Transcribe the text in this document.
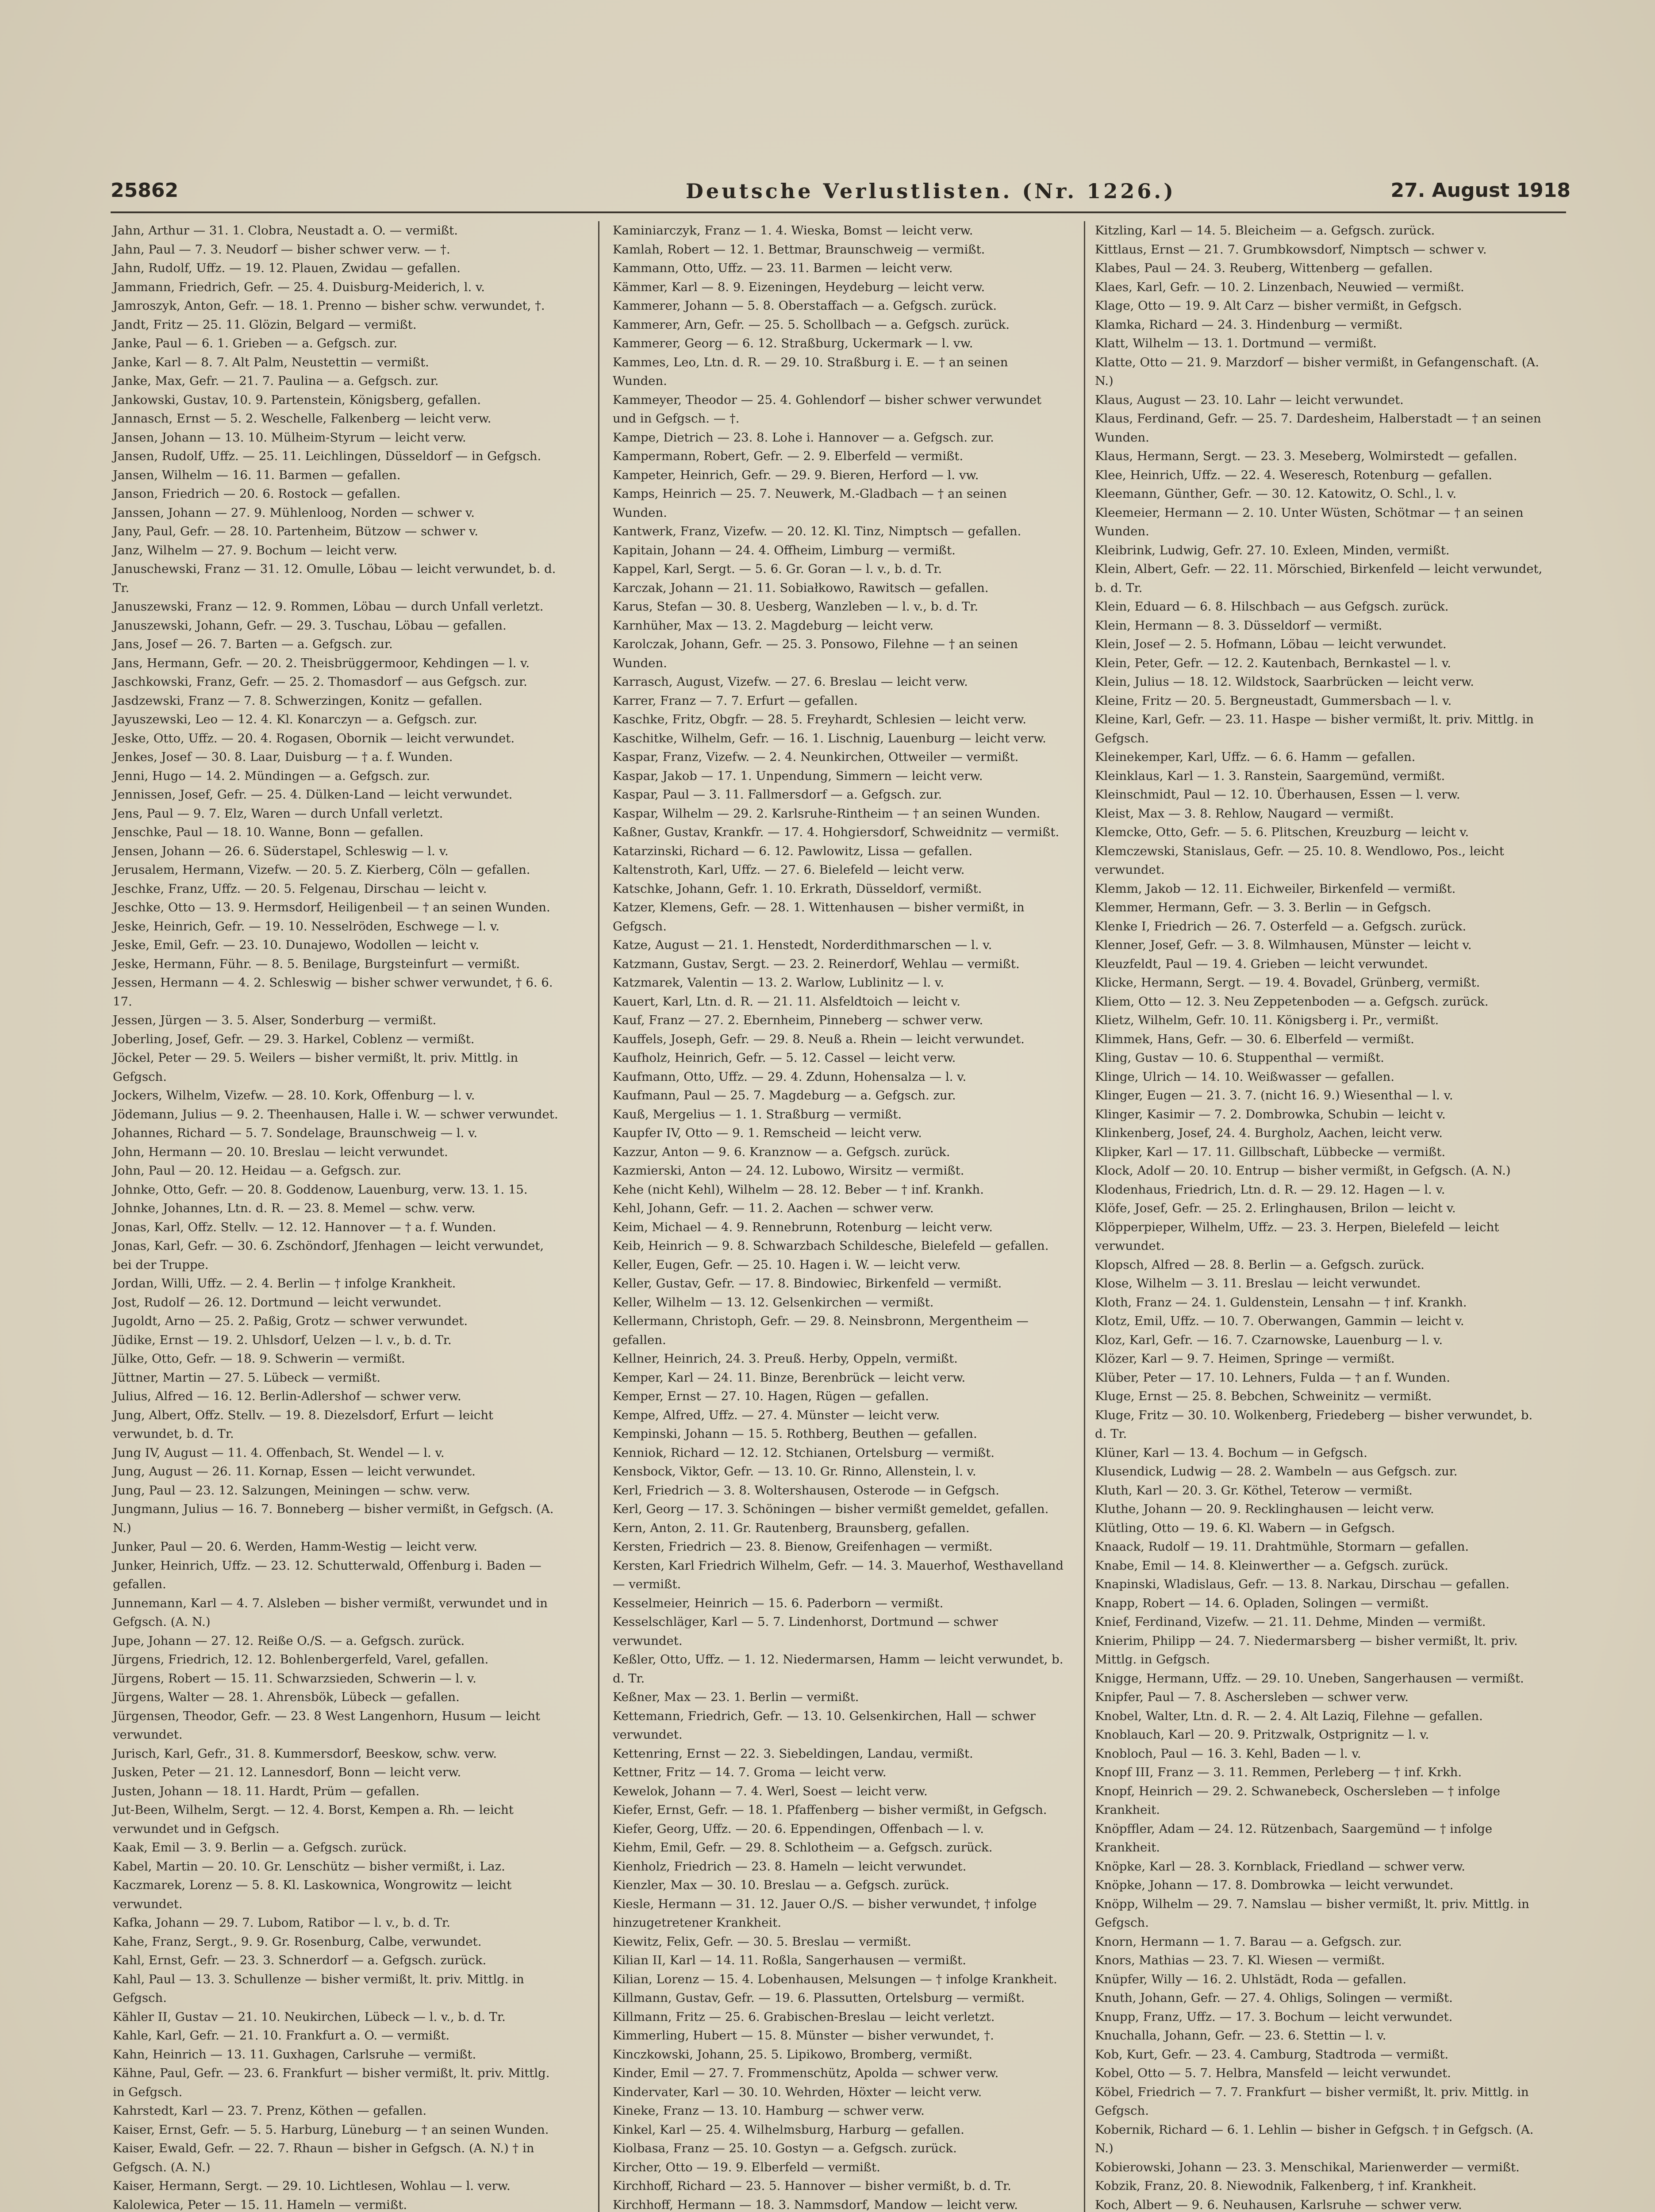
25862	Deutsche Verlustlisten. (Nr. 1226.)	27. August 1918

Jahn, Arthur — 31. 1. Clobra, Neustadt a. O. — vermißt.

Jahn, Paul — 7. 3. Neudorf — bisher schwer verw. — †.

Jahn, Rudolf, Uffz. — 19. 12. Plauen, Zwidau — gefallen.

Jammann, Friedrich, Gefr. — 25. 4. Duisburg-Meiderich, l. v.

Jamroszyk, Anton, Gefr. — 18. 1. Prenno — bisher schw. verwundet, †.

Jandt, Fritz — 25. 11. Glözin, Belgard — vermißt.

Janke, Paul — 6. 1. Grieben — a. Gefgsch. zur.

Janke, Karl — 8. 7. Alt Palm, Neustettin — vermißt.

Janke, Max, Gefr. — 21. 7. Paulina — a. Gefgsch. zur.

Jankowski, Gustav, 10. 9. Partenstein, Königsberg, gefallen.

Jannasch, Ernst — 5. 2. Weschelle, Falkenberg — leicht verw.

Jansen, Johann — 13. 10. Mülheim-Styrum — leicht verw.

Jansen, Rudolf, Uffz. — 25. 11. Leichlingen, Düsseldorf — in Gefgsch.

Jansen, Wilhelm — 16. 11. Barmen — gefallen.

Janson, Friedrich — 20. 6. Rostock — gefallen.

Janssen, Johann — 27. 9. Mühlenloog, Norden — schwer v.

Jany, Paul, Gefr. — 28. 10. Partenheim, Bützow — schwer v.

Janz, Wilhelm — 27. 9. Bochum — leicht verw.

Januschewski, Franz — 31. 12. Omulle, Löbau — leicht verwundet, b. d. Tr.

Januszewski, Franz — 12. 9. Rommen, Löbau — durch Unfall verletzt.

Januszewski, Johann, Gefr. — 29. 3. Tuschau, Löbau — gefallen.

Jans, Josef — 26. 7. Barten — a. Gefgsch. zur.

Jans, Hermann, Gefr. — 20. 2. Theisbrüggermoor, Kehdingen — l. v.

Jaschkowski, Franz, Gefr. — 25. 2. Thomasdorf — aus Gefgsch. zur.

Jasdzewski, Franz — 7. 8. Schwerzingen, Konitz — gefallen.

Jayuszewski, Leo — 12. 4. Kl. Konarczyn — a. Gefgsch. zur.

Jeske, Otto, Uffz. — 20. 4. Rogasen, Obornik — leicht verwundet.

Jenkes, Josef — 30. 8. Laar, Duisburg — † a. f. Wunden.

Jenni, Hugo — 14. 2. Mündingen — a. Gefgsch. zur.

Jennissen, Josef, Gefr. — 25. 4. Dülken-Land — leicht verwundet.

Jens, Paul — 9. 7. Elz, Waren — durch Unfall verletzt.

Jenschke, Paul — 18. 10. Wanne, Bonn — gefallen.

Jensen, Johann — 26. 6. Süderstapel, Schleswig — l. v.

Jerusalem, Hermann, Vizefw. — 20. 5. Z. Kierberg, Cöln — gefallen.

Jeschke, Franz, Uffz. — 20. 5. Felgenau, Dirschau — leicht v.

Jeschke, Otto — 13. 9. Hermsdorf, Heiligenbeil — † an seinen Wunden.

Jeske, Heinrich, Gefr. — 19. 10. Nesselröden, Eschwege — l. v.

Jeske, Emil, Gefr. — 23. 10. Dunajewo, Wodollen — leicht v.

Jeske, Hermann, Führ. — 8. 5. Benilage, Burgsteinfurt — vermißt.

Jessen, Hermann — 4. 2. Schleswig — bisher schwer verwundet, † 6. 6. 17.

Jessen, Jürgen — 3. 5. Alser, Sonderburg — vermißt.

Joberling, Josef, Gefr. — 29. 3. Harkel, Coblenz — vermißt.

Jöckel, Peter — 29. 5. Weilers — bisher vermißt, lt. priv. Mittlg. in Gefgsch.

Jockers, Wilhelm, Vizefw. — 28. 10. Kork, Offenburg — l. v.

Jödemann, Julius — 9. 2. Theenhausen, Halle i. W. — schwer verwundet.

Johannes, Richard — 5. 7. Sondelage, Braunschweig — l. v.

John, Hermann — 20. 10. Breslau — leicht verwundet.

John, Paul — 20. 12. Heidau — a. Gefgsch. zur.

Johnke, Otto, Gefr. — 20. 8. Goddenow, Lauenburg, verw. 13. 1. 15.

Johnke, Johannes, Ltn. d. R. — 23. 8. Memel — schw. verw.

Jonas, Karl, Offz. Stellv. — 12. 12. Hannover — † a. f. Wunden.

Jonas, Karl, Gefr. — 30. 6. Zschöndorf, Jfenhagen — leicht verwundet, bei der Truppe.

Jordan, Willi, Uffz. — 2. 4. Berlin — † infolge Krankheit.

Jost, Rudolf — 26. 12. Dortmund — leicht verwundet.

Jugoldt, Arno — 25. 2. Paßig, Grotz — schwer verwundet.

Jüdike, Ernst — 19. 2. Uhlsdorf, Uelzen — l. v., b. d. Tr.

Jülke, Otto, Gefr. — 18. 9. Schwerin — vermißt.

Jüttner, Martin — 27. 5. Lübeck — vermißt.

Julius, Alfred — 16. 12. Berlin-Adlershof — schwer verw.

Jung, Albert, Offz. Stellv. — 19. 8. Diezelsdorf, Erfurt — leicht verwundet, b. d. Tr.

Jung IV, August — 11. 4. Offenbach, St. Wendel — l. v.

Jung, August — 26. 11. Kornap, Essen — leicht verwundet.

Jung, Paul — 23. 12. Salzungen, Meiningen — schw. verw.

Jungmann, Julius — 16. 7. Bonneberg — bisher vermißt, in Gefgsch. (A. N.)

Junker, Paul — 20. 6. Werden, Hamm-Westig — leicht verw.

Junker, Heinrich, Uffz. — 23. 12. Schutterwald, Offenburg i. Baden — gefallen.

Junnemann, Karl — 4. 7. Alsleben — bisher vermißt, verwundet und in Gefgsch. (A. N.)

Jupe, Johann — 27. 12. Reiße O./S. — a. Gefgsch. zurück.

Jürgens, Friedrich, 12. 12. Bohlenbergerfeld, Varel, gefallen.

Jürgens, Robert — 15. 11. Schwarzsieden, Schwerin — l. v.

Jürgens, Walter — 28. 1. Ahrensbök, Lübeck — gefallen.

Jürgensen, Theodor, Gefr. — 23. 8 West Langenhorn, Husum — leicht verwundet.

Jurisch, Karl, Gefr., 31. 8. Kummersdorf, Beeskow, schw. verw.

Jusken, Peter — 21. 12. Lannesdorf, Bonn — leicht verw.

Justen, Johann — 18. 11. Hardt, Prüm — gefallen.

Jut-Been, Wilhelm, Sergt. — 12. 4. Borst, Kempen a. Rh. — leicht verwundet und in Gefgsch.

Kaak, Emil — 3. 9. Berlin — a. Gefgsch. zurück.

Kabel, Martin — 20. 10. Gr. Lenschütz — bisher vermißt, i. Laz.

Kaczmarek, Lorenz — 5. 8. Kl. Laskownica, Wongrowitz — leicht verwundet.

Kafka, Johann — 29. 7. Lubom, Ratibor — l. v., b. d. Tr.

Kahe, Franz, Sergt., 9. 9. Gr. Rosenburg, Calbe, verwundet.

Kahl, Ernst, Gefr. — 23. 3. Schnerdorf — a. Gefgsch. zurück.

Kahl, Paul — 13. 3. Schullenze — bisher vermißt, lt. priv. Mittlg. in Gefgsch.

Kähler II, Gustav — 21. 10. Neukirchen, Lübeck — l. v., b. d. Tr.

Kahle, Karl, Gefr. — 21. 10. Frankfurt a. O. — vermißt.

Kahn, Heinrich — 13. 11. Guxhagen, Carlsruhe — vermißt.

Kähne, Paul, Gefr. — 23. 6. Frankfurt — bisher vermißt, lt. priv. Mittlg. in Gefgsch.

Kahrstedt, Karl — 23. 7. Prenz, Köthen — gefallen.

Kaiser, Ernst, Gefr. — 5. 5. Harburg, Lüneburg — † an seinen Wunden.

Kaiser, Ewald, Gefr. — 22. 7. Rhaun — bisher in Gefgsch. (A. N.) † in Gefgsch. (A. N.)

Kaiser, Hermann, Sergt. — 29. 10. Lichtlesen, Wohlau — l. verw.

Kalolewica, Peter — 15. 11. Hameln — vermißt.

Kaminiarczyk, Franz — 1. 4. Wieska, Bomst — leicht verw.

Kamlah, Robert — 12. 1. Bettmar, Braunschweig — vermißt.

Kammann, Otto, Uffz. — 23. 11. Barmen — leicht verw.

Kämmer, Karl — 8. 9. Eizeningen, Heydeburg — leicht verw.

Kammerer, Johann — 5. 8. Oberstaffach — a. Gefgsch. zurück.

Kammerer, Arn, Gefr. — 25. 5. Schollbach — a. Gefgsch. zurück.

Kammerer, Georg — 6. 12. Straßburg, Uckermark — l. vw.

Kammes, Leo, Ltn. d. R. — 29. 10. Straßburg i. E. — † an seinen Wunden.

Kammeyer, Theodor — 25. 4. Gohlendorf — bisher schwer verwundet und in Gefgsch. — †.

Kampe, Dietrich — 23. 8. Lohe i. Hannover — a. Gefgsch. zur.

Kampermann, Robert, Gefr. — 2. 9. Elberfeld — vermißt.

Kampeter, Heinrich, Gefr. — 29. 9. Bieren, Herford — l. vw.

Kamps, Heinrich — 25. 7. Neuwerk, M.-Gladbach — † an seinen Wunden.

Kantwerk, Franz, Vizefw. — 20. 12. Kl. Tinz, Nimptsch — gefallen.

Kapitain, Johann — 24. 4. Offheim, Limburg — vermißt.

Kappel, Karl, Sergt. — 5. 6. Gr. Goran — l. v., b. d. Tr.

Karczak, Johann — 21. 11. Sobiałkowo, Rawitsch — gefallen.

Karus, Stefan — 30. 8. Uesberg, Wanzleben — l. v., b. d. Tr.

Karnhüher, Max — 13. 2. Magdeburg — leicht verw.

Karolczak, Johann, Gefr. — 25. 3. Ponsowo, Filehne — † an seinen Wunden.

Karrasch, August, Vizefw. — 27. 6. Breslau — leicht verw.

Karrer, Franz — 7. 7. Erfurt — gefallen.

Kaschke, Fritz, Obgfr. — 28. 5. Freyhardt, Schlesien — leicht verw.

Kaschitke, Wilhelm, Gefr. — 16. 1. Lischnig, Lauenburg — leicht verw.

Kaspar, Franz, Vizefw. — 2. 4. Neunkirchen, Ottweiler — vermißt.

Kaspar, Jakob — 17. 1. Unpendung, Simmern — leicht verw.

Kaspar, Paul — 3. 11. Fallmersdorf — a. Gefgsch. zur.

Kaspar, Wilhelm — 29. 2. Karlsruhe-Rintheim — † an seinen Wunden.

Kaßner, Gustav, Krankfr. — 17. 4. Hohgiersdorf, Schweidnitz — vermißt.

Katarzinski, Richard — 6. 12. Pawlowitz, Lissa — gefallen.

Kaltenstroth, Karl, Uffz. — 27. 6. Bielefeld — leicht verw.

Katschke, Johann, Gefr. 1. 10. Erkrath, Düsseldorf, vermißt.

Katzer, Klemens, Gefr. — 28. 1. Wittenhausen — bisher vermißt, in Gefgsch.

Katze, August — 21. 1. Henstedt, Norderdithmarschen — l. v.

Katzmann, Gustav, Sergt. — 23. 2. Reinerdorf, Wehlau — vermißt.

Katzmarek, Valentin — 13. 2. Warlow, Lublinitz — l. v.

Kauert, Karl, Ltn. d. R. — 21. 11. Alsfeldtoich — leicht v.

Kauf, Franz — 27. 2. Ebernheim, Pinneberg — schwer verw.

Kauffels, Joseph, Gefr. — 29. 8. Neuß a. Rhein — leicht verwundet.

Kaufholz, Heinrich, Gefr. — 5. 12. Cassel — leicht verw.

Kaufmann, Otto, Uffz. — 29. 4. Zdunn, Hohensalza — l. v.

Kaufmann, Paul — 25. 7. Magdeburg — a. Gefgsch. zur.

Kauß, Mergelius — 1. 1. Straßburg — vermißt.

Kaupfer IV, Otto — 9. 1. Remscheid — leicht verw.

Kazzur, Anton — 9. 6. Kranznow — a. Gefgsch. zurück.

Kazmierski, Anton — 24. 12. Lubowo, Wirsitz — vermißt.

Kehe (nicht Kehl), Wilhelm — 28. 12. Beber — † inf. Krankh.

Kehl, Johann, Gefr. — 11. 2. Aachen — schwer verw.

Keim, Michael — 4. 9. Rennebrunn, Rotenburg — leicht verw.

Keib, Heinrich — 9. 8. Schwarzbach Schildesche, Bielefeld — gefallen.

Keller, Eugen, Gefr. — 25. 10. Hagen i. W. — leicht verw.

Keller, Gustav, Gefr. — 17. 8. Bindowiec, Birkenfeld — vermißt.

Keller, Wilhelm — 13. 12. Gelsenkirchen — vermißt.

Kellermann, Christoph, Gefr. — 29. 8. Neinsbronn, Mergentheim — gefallen.

Kellner, Heinrich, 24. 3. Preuß. Herby, Oppeln, vermißt.

Kemper, Karl — 24. 11. Binze, Berenbrück — leicht verw.

Kemper, Ernst — 27. 10. Hagen, Rügen — gefallen.

Kempe, Alfred, Uffz. — 27. 4. Münster — leicht verw.

Kempinski, Johann — 15. 5. Rothberg, Beuthen — gefallen.

Kenniok, Richard — 12. 12. Stchianen, Ortelsburg — vermißt.

Kensbock, Viktor, Gefr. — 13. 10. Gr. Rinno, Allenstein, l. v.

Kerl, Friedrich — 3. 8. Woltershausen, Osterode — in Gefgsch.

Kerl, Georg — 17. 3. Schöningen — bisher vermißt gemeldet, gefallen.

Kern, Anton, 2. 11. Gr. Rautenberg, Braunsberg, gefallen.

Kersten, Friedrich — 23. 8. Bienow, Greifenhagen — vermißt.

Kersten, Karl Friedrich Wilhelm, Gefr. — 14. 3. Mauerhof, Westhavelland — vermißt.

Kesselmeier, Heinrich — 15. 6. Paderborn — vermißt.

Kesselschläger, Karl — 5. 7. Lindenhorst, Dortmund — schwer verwundet.

Keßler, Otto, Uffz. — 1. 12. Niedermarsen, Hamm — leicht verwundet, b. d. Tr.

Keßner, Max — 23. 1. Berlin — vermißt.

Kettemann, Friedrich, Gefr. — 13. 10. Gelsenkirchen, Hall — schwer verwundet.

Kettenring, Ernst — 22. 3. Siebeldingen, Landau, vermißt.

Kettner, Fritz — 14. 7. Groma — leicht verw.

Kewelok, Johann — 7. 4. Werl, Soest — leicht verw.

Kiefer, Ernst, Gefr. — 18. 1. Pfaffenberg — bisher vermißt, in Gefgsch.

Kiefer, Georg, Uffz. — 20. 6. Eppendingen, Offenbach — l. v.

Kiehm, Emil, Gefr. — 29. 8. Schlotheim — a. Gefgsch. zurück.

Kienholz, Friedrich — 23. 8. Hameln — leicht verwundet.

Kienzler, Max — 30. 10. Breslau — a. Gefgsch. zurück.

Kiesle, Hermann — 31. 12. Jauer O./S. — bisher verwundet, † infolge hinzugetretener Krankheit.

Kiewitz, Felix, Gefr. — 30. 5. Breslau — vermißt.

Kilian II, Karl — 14. 11. Roßla, Sangerhausen — vermißt.

Kilian, Lorenz — 15. 4. Lobenhausen, Melsungen — † infolge Krankheit.

Killmann, Gustav, Gefr. — 19. 6. Plassutten, Ortelsburg — vermißt.

Killmann, Fritz — 25. 6. Grabischen-Breslau — leicht verletzt.

Kimmerling, Hubert — 15. 8. Münster — bisher verwundet, †.

Kinczkowski, Johann, 25. 5. Lipikowo, Bromberg, vermißt.

Kinder, Emil — 27. 7. Frommenschütz, Apolda — schwer verw.

Kindervater, Karl — 30. 10. Wehrden, Höxter — leicht verw.

Kineke, Franz — 13. 10. Hamburg — schwer verw.

Kinkel, Karl — 25. 4. Wilhelmsburg, Harburg — gefallen.

Kiolbasa, Franz — 25. 10. Gostyn — a. Gefgsch. zurück.

Kircher, Otto — 19. 9. Elberfeld — vermißt.

Kirchhoff, Richard — 23. 5. Hannover — bisher vermißt, b. d. Tr.

Kirchhoff, Hermann — 18. 3. Nammsdorf, Mandow — leicht verw.

Kitzling, Karl — 14. 5. Bleicheim — a. Gefgsch. zurück.

Kittlaus, Ernst — 21. 7. Grumbkowsdorf, Nimptsch — schwer v.

Klabes, Paul — 24. 3. Reuberg, Wittenberg — gefallen.

Klaes, Karl, Gefr. — 10. 2. Linzenbach, Neuwied — vermißt.

Klage, Otto — 19. 9. Alt Carz — bisher vermißt, in Gefgsch.

Klamka, Richard — 24. 3. Hindenburg — vermißt.

Klatt, Wilhelm — 13. 1. Dortmund — vermißt.

Klatte, Otto — 21. 9. Marzdorf — bisher vermißt, in Gefangenschaft. (A. N.)

Klaus, August — 23. 10. Lahr — leicht verwundet.

Klaus, Ferdinand, Gefr. — 25. 7. Dardesheim, Halberstadt — † an seinen Wunden.

Klaus, Hermann, Sergt. — 23. 3. Meseberg, Wolmirstedt — gefallen.

Klee, Heinrich, Uffz. — 22. 4. Weseresch, Rotenburg — gefallen.

Kleemann, Günther, Gefr. — 30. 12. Katowitz, O. Schl., l. v.

Kleemeier, Hermann — 2. 10. Unter Wüsten, Schötmar — † an seinen Wunden.

Kleibrink, Ludwig, Gefr. 27. 10. Exleen, Minden, vermißt.

Klein, Albert, Gefr. — 22. 11. Mörschied, Birkenfeld — leicht verwundet, b. d. Tr.

Klein, Eduard — 6. 8. Hilschbach — aus Gefgsch. zurück.

Klein, Hermann — 8. 3. Düsseldorf — vermißt.

Klein, Josef — 2. 5. Hofmann, Löbau — leicht verwundet.

Klein, Peter, Gefr. — 12. 2. Kautenbach, Bernkastel — l. v.

Klein, Julius — 18. 12. Wildstock, Saarbrücken — leicht verw.

Kleine, Fritz — 20. 5. Bergneustadt, Gummersbach — l. v.

Kleine, Karl, Gefr. — 23. 11. Haspe — bisher vermißt, lt. priv. Mittlg. in Gefgsch.

Kleinekemper, Karl, Uffz. — 6. 6. Hamm — gefallen.

Kleinklaus, Karl — 1. 3. Ranstein, Saargemünd, vermißt.

Kleinschmidt, Paul — 12. 10. Überhausen, Essen — l. verw.

Kleist, Max — 3. 8. Rehlow, Naugard — vermißt.

Klemcke, Otto, Gefr. — 5. 6. Plitschen, Kreuzburg — leicht v.

Klemczewski, Stanislaus, Gefr. — 25. 10. 8. Wendlowo, Pos., leicht verwundet.

Klemm, Jakob — 12. 11. Eichweiler, Birkenfeld — vermißt.

Klemmer, Hermann, Gefr. — 3. 3. Berlin — in Gefgsch.

Klenke I, Friedrich — 26. 7. Osterfeld — a. Gefgsch. zurück.

Klenner, Josef, Gefr. — 3. 8. Wilmhausen, Münster — leicht v.

Kleuzfeldt, Paul — 19. 4. Grieben — leicht verwundet.

Klicke, Hermann, Sergt. — 19. 4. Bovadel, Grünberg, vermißt.

Kliem, Otto — 12. 3. Neu Zeppetenboden — a. Gefgsch. zurück.

Klietz, Wilhelm, Gefr. 10. 11. Königsberg i. Pr., vermißt.

Klimmek, Hans, Gefr. — 30. 6. Elberfeld — vermißt.

Kling, Gustav — 10. 6. Stuppenthal — vermißt.

Klinge, Ulrich — 14. 10. Weißwasser — gefallen.

Klinger, Eugen — 21. 3. 7. (nicht 16. 9.) Wiesenthal — l. v.

Klinger, Kasimir — 7. 2. Dombrowka, Schubin — leicht v.

Klinkenberg, Josef, 24. 4. Burgholz, Aachen, leicht verw.

Klipker, Karl — 17. 11. Gillbschaft, Lübbecke — vermißt.

Klock, Adolf — 20. 10. Entrup — bisher vermißt, in Gefgsch. (A. N.)

Klodenhaus, Friedrich, Ltn. d. R. — 29. 12. Hagen — l. v.

Klöfe, Josef, Gefr. — 25. 2. Erlinghausen, Brilon — leicht v.

Klöpperpieper, Wilhelm, Uffz. — 23. 3. Herpen, Bielefeld — leicht verwundet.

Klopsch, Alfred — 28. 8. Berlin — a. Gefgsch. zurück.

Klose, Wilhelm — 3. 11. Breslau — leicht verwundet.

Kloth, Franz — 24. 1. Guldenstein, Lensahn — † inf. Krankh.

Klotz, Emil, Uffz. — 10. 7. Oberwangen, Gammin — leicht v.

Kloz, Karl, Gefr. — 16. 7. Czarnowske, Lauenburg — l. v.

Klözer, Karl — 9. 7. Heimen, Springe — vermißt.

Klüber, Peter — 17. 10. Lehners, Fulda — † an f. Wunden.

Kluge, Ernst — 25. 8. Bebchen, Schweinitz — vermißt.

Kluge, Fritz — 30. 10. Wolkenberg, Friedeberg — bisher verwundet, b. d. Tr.

Klüner, Karl — 13. 4. Bochum — in Gefgsch.

Klusendick, Ludwig — 28. 2. Wambeln — aus Gefgsch. zur.

Kluth, Karl — 20. 3. Gr. Köthel, Teterow — vermißt.

Kluthe, Johann — 20. 9. Recklinghausen — leicht verw.

Klütling, Otto — 19. 6. Kl. Wabern — in Gefgsch.

Knaack, Rudolf — 19. 11. Drahtmühle, Stormarn — gefallen.

Knabe, Emil — 14. 8. Kleinwerther — a. Gefgsch. zurück.

Knapinski, Wladislaus, Gefr. — 13. 8. Narkau, Dirschau — gefallen.

Knapp, Robert — 14. 6. Opladen, Solingen — vermißt.

Knief, Ferdinand, Vizefw. — 21. 11. Dehme, Minden — vermißt.

Knierim, Philipp — 24. 7. Niedermarsberg — bisher vermißt, lt. priv. Mittlg. in Gefgsch.

Knigge, Hermann, Uffz. — 29. 10. Uneben, Sangerhausen — vermißt.

Knipfer, Paul — 7. 8. Aschersleben — schwer verw.

Knobel, Walter, Ltn. d. R. — 2. 4. Alt Laziq, Filehne — gefallen.

Knoblauch, Karl — 20. 9. Pritzwalk, Ostprignitz — l. v.

Knobloch, Paul — 16. 3. Kehl, Baden — l. v.

Knopf III, Franz — 3. 11. Remmen, Perleberg — † inf. Krkh.

Knopf, Heinrich — 29. 2. Schwanebeck, Oschersleben — † infolge Krankheit.

Knöpffler, Adam — 24. 12. Rützenbach, Saargemünd — † infolge Krankheit.

Knöpke, Karl — 28. 3. Kornblack, Friedland — schwer verw.

Knöpke, Johann — 17. 8. Dombrowka — leicht verwundet.

Knöpp, Wilhelm — 29. 7. Namslau — bisher vermißt, lt. priv. Mittlg. in Gefgsch.

Knorn, Hermann — 1. 7. Barau — a. Gefgsch. zur.

Knors, Mathias — 23. 7. Kl. Wiesen — vermißt.

Knüpfer, Willy — 16. 2. Uhlstädt, Roda — gefallen.

Knuth, Johann, Gefr. — 27. 4. Ohligs, Solingen — vermißt.

Knupp, Franz, Uffz. — 17. 3. Bochum — leicht verwundet.

Knuchalla, Johann, Gefr. — 23. 6. Stettin — l. v.

Kob, Kurt, Gefr. — 23. 4. Camburg, Stadtroda — vermißt.

Kobel, Otto — 5. 7. Helbra, Mansfeld — leicht verwundet.

Köbel, Friedrich — 7. 7. Frankfurt — bisher vermißt, lt. priv. Mittlg. in Gefgsch.

Kobernik, Richard — 6. 1. Lehlin — bisher in Gefgsch. † in Gefgsch. (A. N.)

Kobierowski, Johann — 23. 3. Menschikal, Marienwerder — vermißt.

Kobzik, Franz, 20. 8. Niewodnik, Falkenberg, † inf. Krankheit.

Koch, Albert — 9. 6. Neuhausen, Karlsruhe — schwer verw.
